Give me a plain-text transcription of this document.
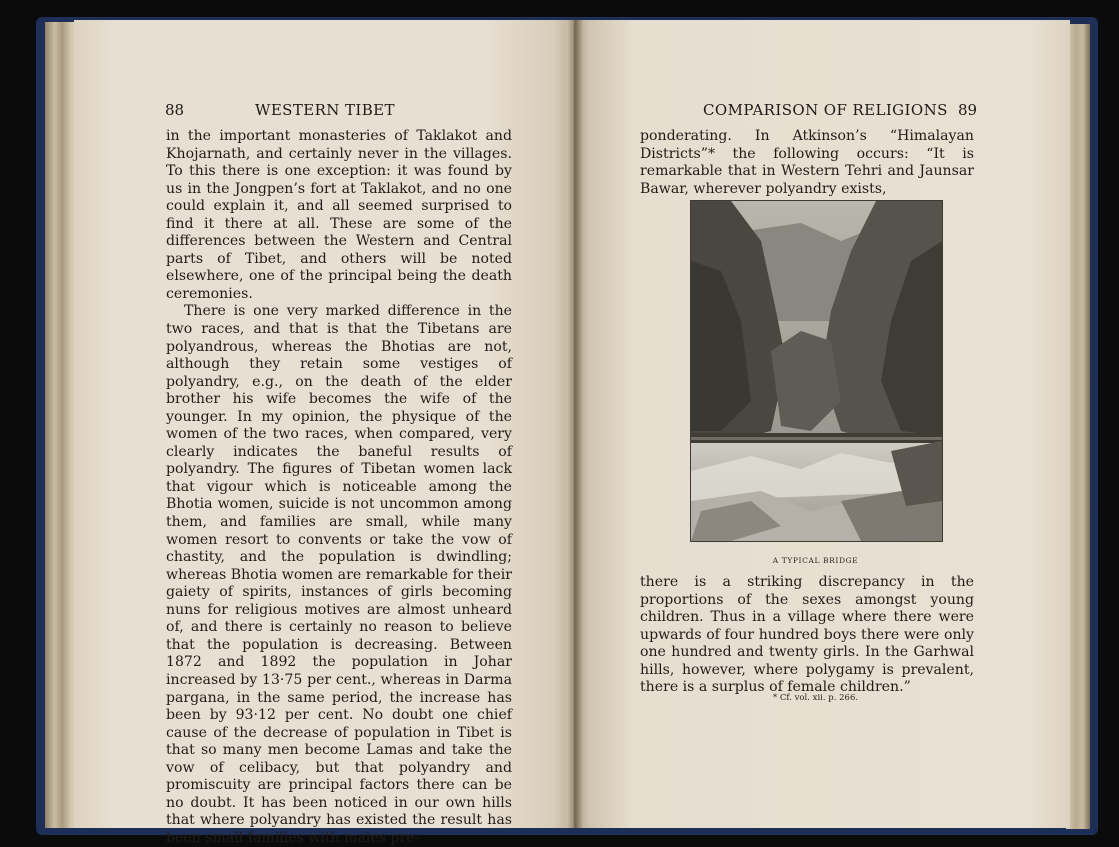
88	WESTERN TIBET

in the important monasteries of Taklakot and Khojarnath, and certainly never in the villages. To this there is one exception: it was found by us in the Jongpen’s fort at Taklakot, and no one could explain it, and all seemed surprised to find it there at all. These are some of the differences between the Western and Central parts of Tibet, and others will be noted elsewhere, one of the principal being the death ceremonies.

There is one very marked difference in the two races, and that is that the Tibetans are polyandrous, whereas the Bhotias are not, although they retain some vestiges of polyandry, e.g., on the death of the elder brother his wife becomes the wife of the younger. In my opinion, the physique of the women of the two races, when compared, very clearly indicates the baneful results of polyandry. The figures of Tibetan women lack that vigour which is noticeable among the Bhotia women, suicide is not uncommon among them, and families are small, while many women resort to convents or take the vow of chastity, and the population is dwindling; whereas Bhotia women are remarkable for their gaiety of spirits, instances of girls becoming nuns for religious motives are almost unheard of, and there is certainly no reason to believe that the population is decreasing. Between 1872 and 1892 the population in Johar increased by 13·75 per cent., whereas in Darma pargana, in the same period, the increase has been by 93·12 per cent. No doubt one chief cause of the decrease of population in Tibet is that so many men become Lamas and take the vow of celibacy, but that polyandry and promiscuity are principal factors there can be no doubt. It has been noticed in our own hills that where polyandry has existed the result has been small families with males pre-

COMPARISON OF RELIGIONS 89
ponderating. In Atkinson’s “Himalayan Districts”* the following occurs: “It is remarkable that in Western Tehri and Jaunsar Bawar, wherever polyandry exists,
A TYPICAL BRIDGE
there is a striking discrepancy in the proportions of the sexes amongst young children. Thus in a village where there were upwards of four hundred boys there were only one hundred and twenty girls. In the Garhwal hills, however, where polygamy is prevalent, there is a surplus of female children.”
* Cf. vol. xii. p. 266.
